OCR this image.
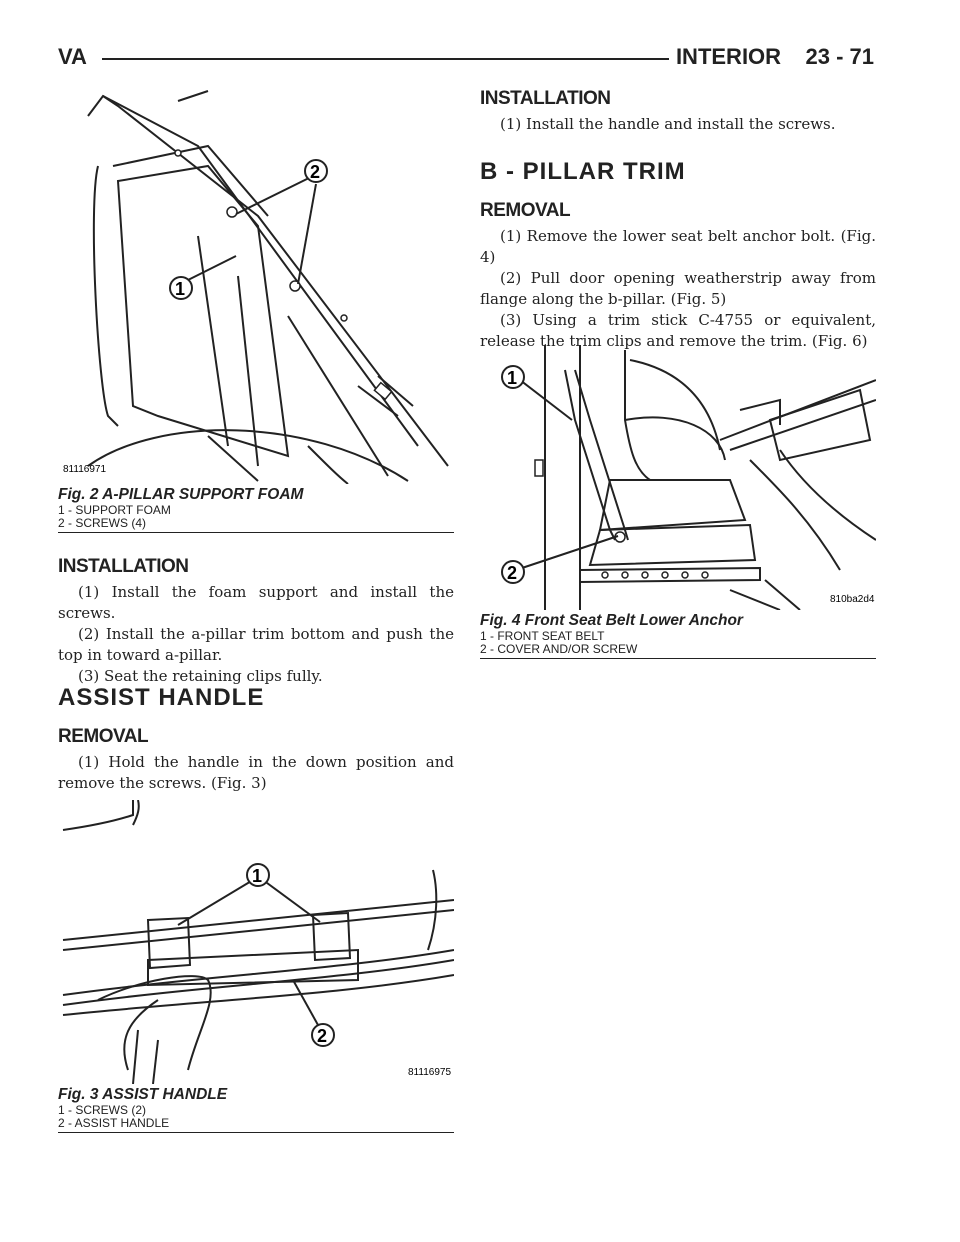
VA	INTERIOR    23 - 71
2
1
81116971
Fig. 2 A-PILLAR SUPPORT FOAM
1 - SUPPORT FOAM
2 - SCREWS (4)
INSTALLATION

(1) Install the foam support and install the screws.

(2) Install the a-pillar trim bottom and push the top in toward a-pillar.

(3) Seat the retaining clips fully.

ASSIST HANDLE
REMOVAL

(1) Hold the handle in the down position and remove the screws. (Fig. 3)

1
2
81116975
Fig. 3 ASSIST HANDLE
1 - SCREWS (2)
2 - ASSIST HANDLE
INSTALLATION

(1) Install the handle and install the screws.

B - PILLAR TRIM
REMOVAL

(1) Remove the lower seat belt anchor bolt. (Fig. 4)

(2) Pull door opening weatherstrip away from flange along the b-pillar. (Fig. 5)

(3) Using a trim stick C-4755 or equivalent, release the trim clips and remove the trim. (Fig. 6)

1
2
810ba2d4
Fig. 4 Front Seat Belt Lower Anchor
1 - FRONT SEAT BELT
2 - COVER AND/OR SCREW
